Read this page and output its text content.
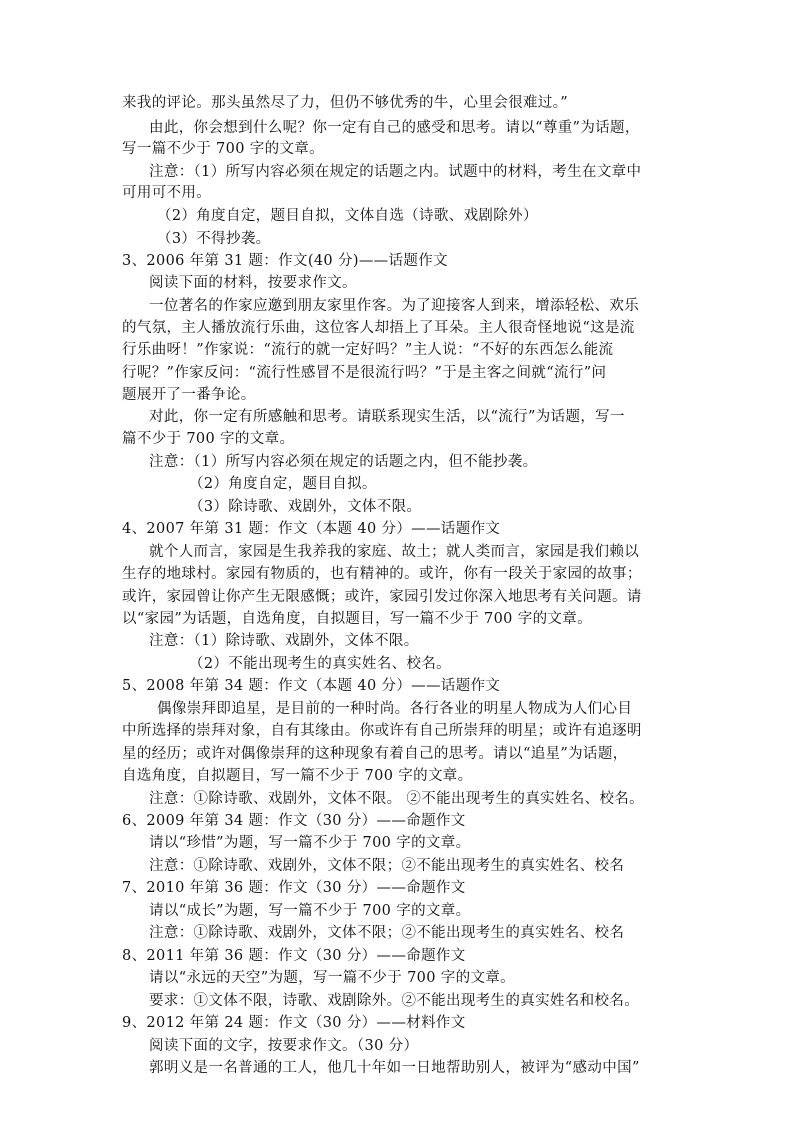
来我的评论。那头虽然尽了力，但仍不够优秀的牛，心里会很难过。”
由此，你会想到什么呢？你一定有自己的感受和思考。请以“尊重”为话题，
写一篇不少于 700 字的文章。
注意：（1）所写内容必须在规定的话题之内。试题中的材料，考生在文章中
可用可不用。
（2）角度自定，题目自拟，文体自选（诗歌、戏剧除外）
（3）不得抄袭。
3、2006 年第 31 题：作文(40 分)——话题作文
阅读下面的材料，按要求作文。
一位著名的作家应邀到朋友家里作客。为了迎接客人到来，增添轻松、欢乐
的气氛，主人播放流行乐曲，这位客人却捂上了耳朵。主人很奇怪地说“这是流
行乐曲呀！”作家说：“流行的就一定好吗？”主人说：“不好的东西怎么能流
行呢？”作家反问：“流行性感冒不是很流行吗？”于是主客之间就“流行”问
题展开了一番争论。
对此，你一定有所感触和思考。请联系现实生活，以“流行”为话题，写一
篇不少于 700 字的文章。
注意：（1）所写内容必须在规定的话题之内，但不能抄袭。
（2）角度自定，题目自拟。
（3）除诗歌、戏剧外，文体不限。
4、2007 年第 31 题：作文（本题 40 分）——话题作文
就个人而言，家园是生我养我的家庭、故土；就人类而言，家园是我们赖以
生存的地球村。家园有物质的，也有精神的。或许，你有一段关于家园的故事；
或许，家园曾让你产生无限感慨；或许，家园引发过你深入地思考有关问题。请
以“家园”为话题，自选角度，自拟题目，写一篇不少于 700 字的文章。
注意：（1）除诗歌、戏剧外，文体不限。
（2）不能出现考生的真实姓名、校名。
5、2008 年第 34 题：作文（本题 40 分）——话题作文
偶像崇拜即追星，是目前的一种时尚。各行各业的明星人物成为人们心目
中所选择的崇拜对象，自有其缘由。你或许有自己所崇拜的明星；或许有追逐明
星的经历；或许对偶像崇拜的这种现象有着自己的思考。请以“追星”为话题，
自选角度，自拟题目，写一篇不少于 700 字的文章。
注意：①除诗歌、戏剧外，文体不限。 ②不能出现考生的真实姓名、校名。
6、2009 年第 34 题：作文（30 分）——命题作文
请以“珍惜”为题，写一篇不少于 700 字的文章。
注意：①除诗歌、戏剧外，文体不限；②不能出现考生的真实姓名、校名
7、2010 年第 36 题：作文（30 分）——命题作文
请以“成长”为题，写一篇不少于 700 字的文章。
注意：①除诗歌、戏剧外，文体不限；②不能出现考生的真实姓名、校名
8、2011 年第 36 题：作文（30 分）——命题作文
请以“永远的天空”为题，写一篇不少于 700 字的文章。
要求：①文体不限，诗歌、戏剧除外。②不能出现考生的真实姓名和校名。
9、2012 年第 24 题：作文（30 分）——材料作文
阅读下面的文字，按要求作文。（30 分）
郭明义是一名普通的工人，他几十年如一日地帮助别人，被评为“感动中国”
